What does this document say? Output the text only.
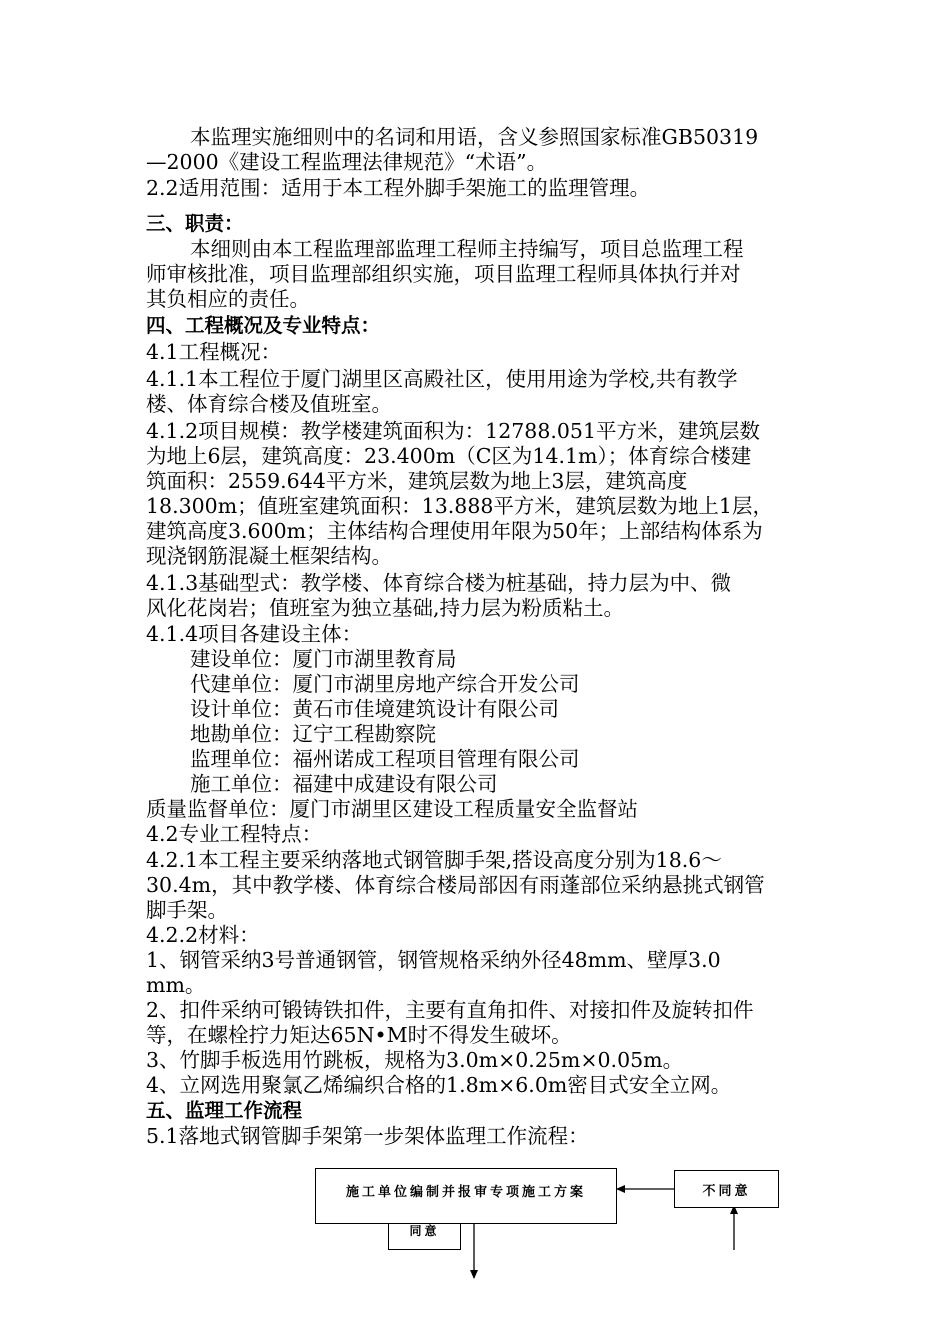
本监理实施细则中的名词和用语，含义参照国家标准GB50319
—2000《建设工程监理法律规范》“术语”。
2.2适用范围：适用于本工程外脚手架施工的监理管理。
三、职责：
本细则由本工程监理部监理工程师主持编写，项目总监理工程
师审核批准，项目监理部组织实施，项目监理工程师具体执行并对
其负相应的责任。
四、工程概况及专业特点：
4.1工程概况：
4.1.1本工程位于厦门湖里区高殿社区，使用用途为学校,共有教学
楼、体育综合楼及值班室。
4.1.2项目规模：教学楼建筑面积为：12788.051平方米，建筑层数
为地上6层，建筑高度：23.400m（C区为14.1m）；体育综合楼建
筑面积：2559.644平方米，建筑层数为地上3层，建筑高度
18.300m；值班室建筑面积：13.888平方米，建筑层数为地上1层，
建筑高度3.600m；主体结构合理使用年限为50年；上部结构体系为
现浇钢筋混凝土框架结构。
4.1.3基础型式：教学楼、体育综合楼为桩基础，持力层为中、微
风化花岗岩；值班室为独立基础,持力层为粉质粘土。
4.1.4项目各建设主体：
建设单位：厦门市湖里教育局
代建单位：厦门市湖里房地产综合开发公司
设计单位：黄石市佳境建筑设计有限公司
地勘单位：辽宁工程勘察院
监理单位：福州诺成工程项目管理有限公司
施工单位：福建中成建设有限公司
质量监督单位：厦门市湖里区建设工程质量安全监督站
4.2专业工程特点：
4.2.1本工程主要采纳落地式钢管脚手架,搭设高度分别为18.6～
30.4m，其中教学楼、体育综合楼局部因有雨蓬部位采纳悬挑式钢管
脚手架。
4.2.2材料：
1、钢管采纳3号普通钢管，钢管规格采纳外径48mm、壁厚3.0
mm。
2、扣件采纳可锻铸铁扣件，主要有直角扣件、对接扣件及旋转扣件
等，在螺栓拧力矩达65N•M时不得发生破坏。
3、竹脚手板选用竹跳板，规格为3.0m×0.25m×0.05m。
4、立网选用聚氯乙烯编织合格的1.8m×6.0m密目式安全立网。
五、监理工作流程
5.1落地式钢管脚手架第一步架体监理工作流程：
同意
施工单位编制并报审专项施工方案	不同意
